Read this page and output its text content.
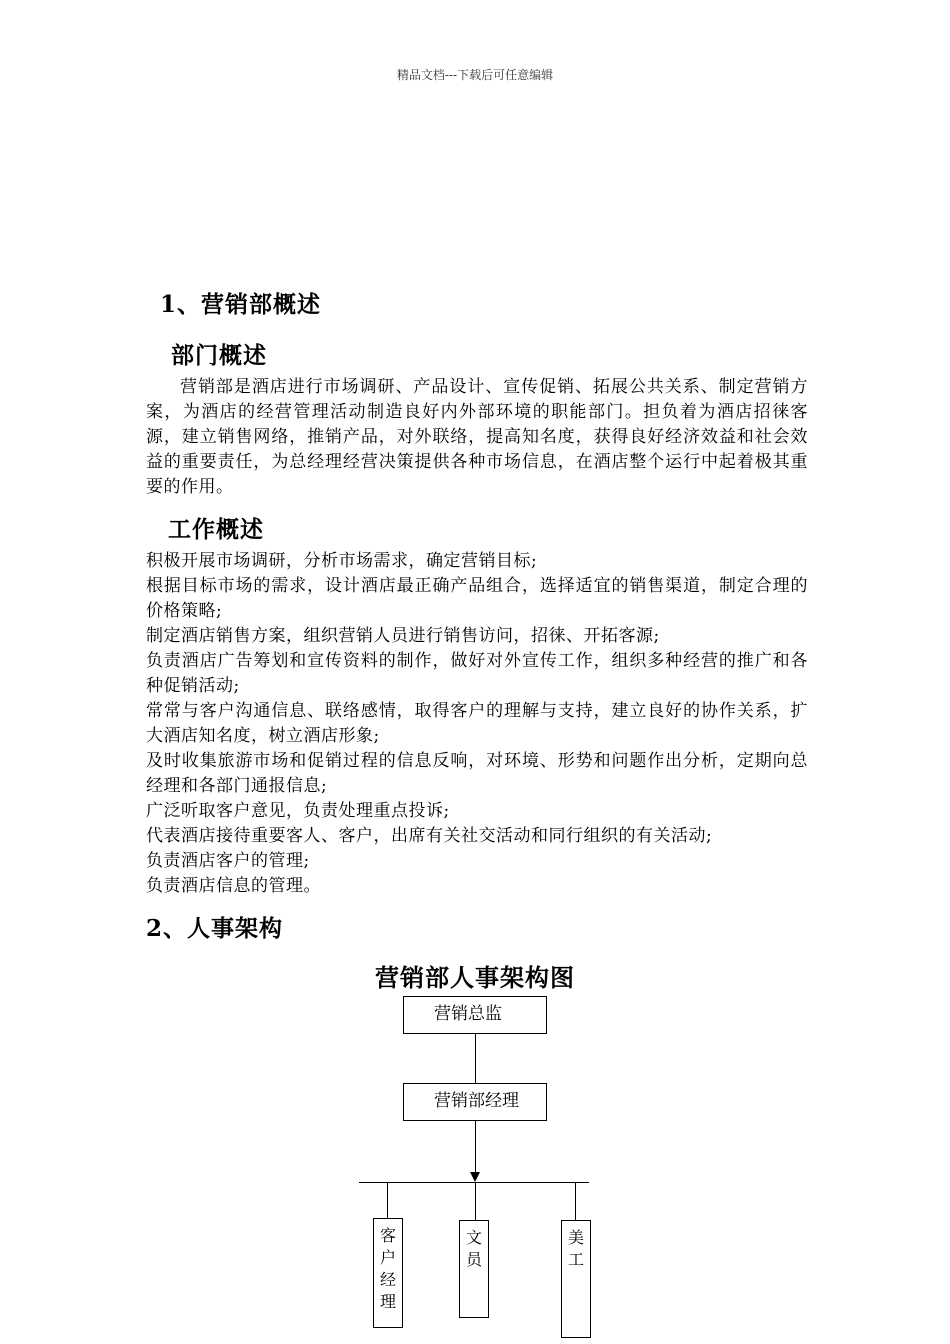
精品文档---下载后可任意编辑
1、营销部概述
部门概述
营销部是酒店进行市场调研、产品设计、宣传促销、拓展公共关系、制定营销方案，为酒店的经营管理活动制造良好内外部环境的职能部门。担负着为酒店招徕客源，建立销售网络，推销产品，对外联络，提高知名度，获得良好经济效益和社会效益的重要责任，为总经理经营决策提供各种市场信息，在酒店整个运行中起着极其重要的作用。
工作概述
积极开展市场调研，分析市场需求，确定营销目标;
根据目标市场的需求，设计酒店最正确产品组合，选择适宜的销售渠道，制定合理的价格策略;
制定酒店销售方案，组织营销人员进行销售访问，招徕、开拓客源;
负责酒店广告筹划和宣传资料的制作，做好对外宣传工作，组织多种经营的推广和各种促销活动;
常常与客户沟通信息、联络感情，取得客户的理解与支持，建立良好的协作关系，扩大酒店知名度，树立酒店形象;
及时收集旅游市场和促销过程的信息反响，对环境、形势和问题作出分析，定期向总经理和各部门通报信息;
广泛听取客户意见，负责处理重点投诉;
代表酒店接待重要客人、客户，出席有关社交活动和同行组织的有关活动;
负责酒店客户的管理;
负责酒店信息的管理。
2、人事架构
营销部人事架构图
营销总监
营销部经理
客户经理
文员
美工
